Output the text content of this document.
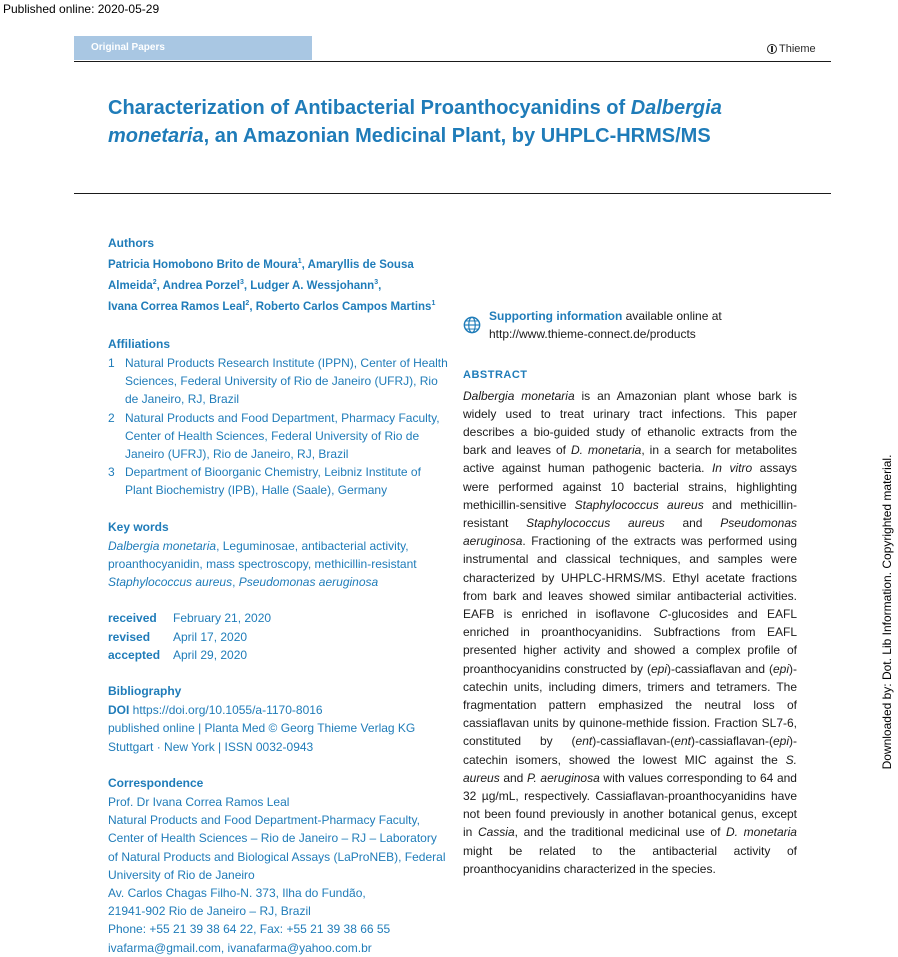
Published online: 2020-05-29
Original Papers	Thieme
Characterization of Antibacterial Proanthocyanidins of Dalbergia monetaria, an Amazonian Medicinal Plant, by UHPLC-HRMS/MS
Authors
Patricia Homobono Brito de Moura$^1$, Amaryllis de Sousa Almeida$^2$, Andrea Porzel$^3$, Ludger A. Wessjohann$^3$,
Ivana Correa Ramos Leal$^2$, Roberto Carlos Campos Martins$^1$
Affiliations
1 Natural Products Research Institute (IPPN), Center of Health Sciences, Federal University of Rio de Janeiro (UFRJ), Rio de Janeiro, RJ, Brazil
2 Natural Products and Food Department, Pharmacy Faculty, Center of Health Sciences, Federal University of Rio de Janeiro (UFRJ), Rio de Janeiro, RJ, Brazil
3 Department of Bioorganic Chemistry, Leibniz Institute of Plant Biochemistry (IPB), Halle (Saale), Germany
Key words
Dalbergia monetaria, Leguminosae, antibacterial activity, proanthocyanidin, mass spectroscopy, methicillin-resistant Staphylococcus aureus, Pseudomonas aeruginosa
received	February 21, 2020
revised	April 17, 2020
accepted	April 29, 2020
Bibliography
DOI https://doi.org/10.1055/a-1170-8016
published online | Planta Med © Georg Thieme Verlag KG
Stuttgart · New York | ISSN 0032-0943
Correspondence
Prof. Dr Ivana Correa Ramos Leal
Natural Products and Food Department-Pharmacy Faculty, Center of Health Sciences – Rio de Janeiro – RJ – Laboratory of Natural Products and Biological Assays (LaProNEB), Federal University of Rio de Janeiro
Av. Carlos Chagas Filho-N. 373, Ilha do Fundão,
21941-902 Rio de Janeiro – RJ, Brazil
Phone: +55 21 39 38 64 22, Fax: +55 21 39 38 66 55
ivafarma@gmail.com, ivanafarma@yahoo.com.br
Supporting information available online at
http://www.thieme-connect.de/products
ABSTRACT

Dalbergia monetaria is an Amazonian plant whose bark is widely used to treat urinary tract infections. This paper describes a bio-guided study of ethanolic extracts from the bark and leaves of D. monetaria, in a search for metabolites active against human pathogenic bacteria. In vitro assays were performed against 10 bacterial strains, highlighting methicillin-sensitive Staphylococcus aureus and methicillin-resistant Staphylococcus aureus and Pseudomonas aeruginosa. Fractioning of the extracts was performed using instrumental and classical techniques, and samples were characterized by UHPLC-HRMS/MS. Ethyl acetate fractions from bark and leaves showed similar antibacterial activities. EAFB is enriched in isoflavone C-glucosides and EAFL enriched in proanthocyanidins. Subfractions from EAFL presented higher activity and showed a complex profile of proanthocyanidins constructed by (epi)-cassiaflavan and (epi)-catechin units, including dimers, trimers and tetramers. The fragmentation pattern emphasized the neutral loss of cassiaflavan units by quinone-methide fission. Fraction SL7-6, constituted by (ent)-cassiaflavan-(ent)-cassiaflavan-(epi)-catechin isomers, showed the lowest MIC against the S. aureus and P. aeruginosa with values corresponding to 64 and 32 µg/mL, respectively. Cassiaflavan-proanthocyanidins have not been found previously in another botanical genus, except in Cassia, and the traditional medicinal use of D. monetaria might be related to the antibacterial activity of proanthocyanidins characterized in the species.

Downloaded by: Dot. Lib Information. Copyrighted material.
